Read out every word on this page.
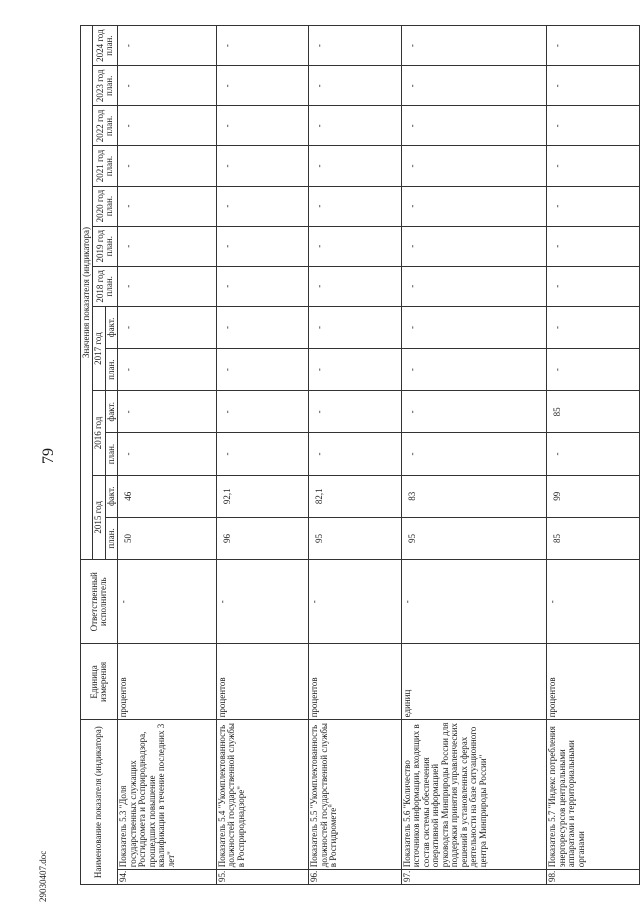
79
29030407.doc	Наименование показателя (индикатора)		Единица измерения	Ответственный исполнитель	Значения показателя (индикатора)												
				2015 год		2016 год		2017 год		2018 год план.	2019 год план.	2020 год план.	2021 год план.	2022 год план.	2023 год план.	2024 год план.
				план.	факт.	план.	факт.	план.	факт.							
94.	Показатель 5.3 "Доля государственных служащих Росгидромета и Росприроднадзора, прошедших повышение квалификации в течение последних 3 лет"	процентов	-	50	46	-	-	-	-	-	-	-	-	-	-	-
95.	Показатель 5.4 "Укомплектованность должностей государственной службы в Росприроднадзоре"	процентов	-	96	92,1	-	-	-	-	-	-	-	-	-	-	-
96.	Показатель 5.5 "Укомплектованность должностей государственной службы в Росгидромете"	процентов	-	95	82,1	-	-	-	-	-	-	-	-	-	-	-
97.	Показатель 5.6 "Количество источников информации, входящих в состав системы обеспечения оперативной информацией руководства Минприроды России для поддержки принятия управленческих решений в установленных сферах деятельности на базе ситуационного центра Минприроды России"	единиц	-	95	83	-	-	-	-	-	-	-	-	-	-	-
98.	Показатель 5.7 "Индекс потребления энергоресурсов центральными аппаратами и территориальными органами	процентов	-	85	99	-	85	-	-	-	-	-	-	-	-	-
